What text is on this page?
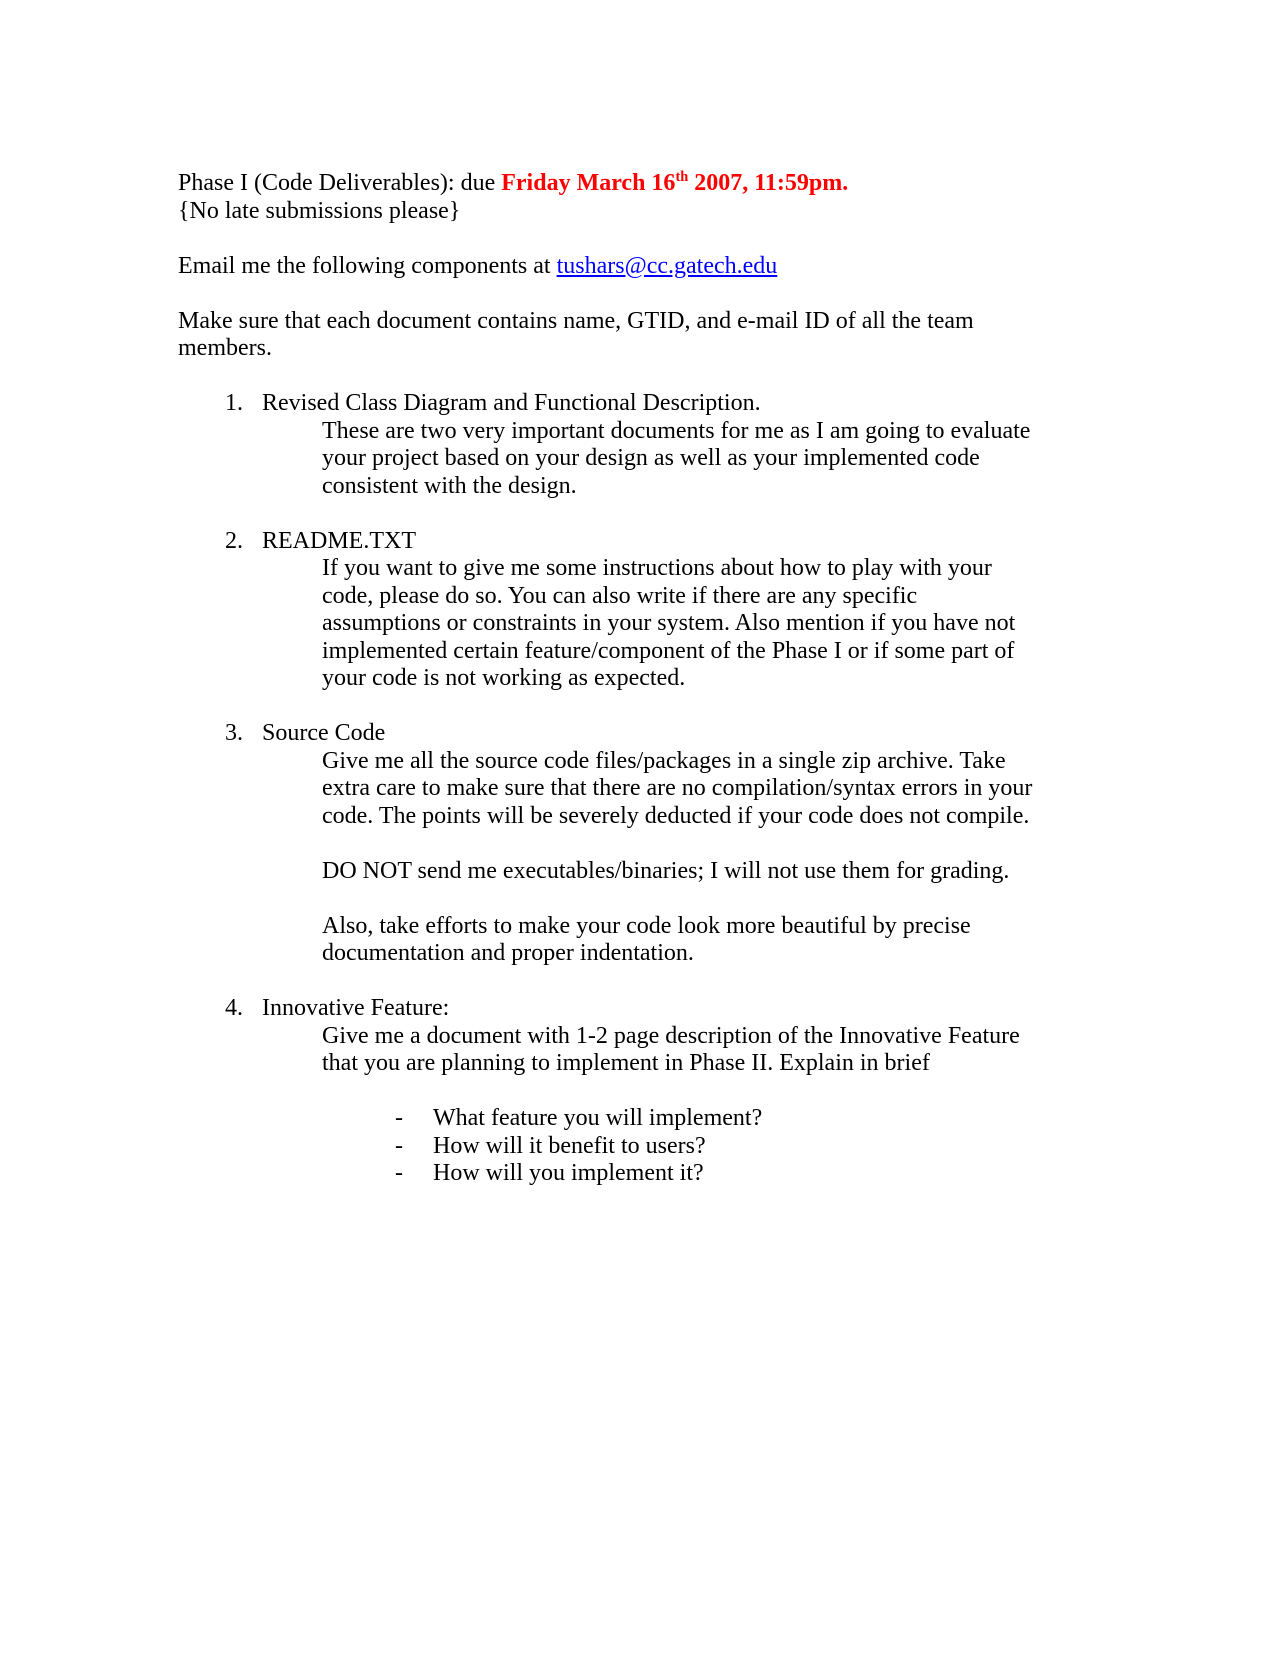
Phase I (Code Deliverables): due Friday March 16th 2007, 11:59pm.

{No late submissions please}

Email me the following components at tushars@cc.gatech.edu

Make sure that each document contains name, GTID, and e-mail ID of all the team members.

1. Revised Class Diagram and Functional Description.

These are two very important documents for me as I am going to evaluate your project based on your design as well as your implemented code consistent with the design.

2. README.TXT

If you want to give me some instructions about how to play with your code, please do so. You can also write if there are any specific assumptions or constraints in your system. Also mention if you have not implemented certain feature/component of the Phase I or if some part of your code is not working as expected.

3. Source Code

Give me all the source code files/packages in a single zip archive. Take extra care to make sure that there are no compilation/syntax errors in your code. The points will be severely deducted if your code does not compile.

DO NOT send me executables/binaries; I will not use them for grading.

Also, take efforts to make your code look more beautiful by precise documentation and proper indentation.

4. Innovative Feature:

Give me a document with 1-2 page description of the Innovative Feature that you are planning to implement in Phase II. Explain in brief

-	What feature you will implement?
-	How will it benefit to users?
-	How will you implement it?
